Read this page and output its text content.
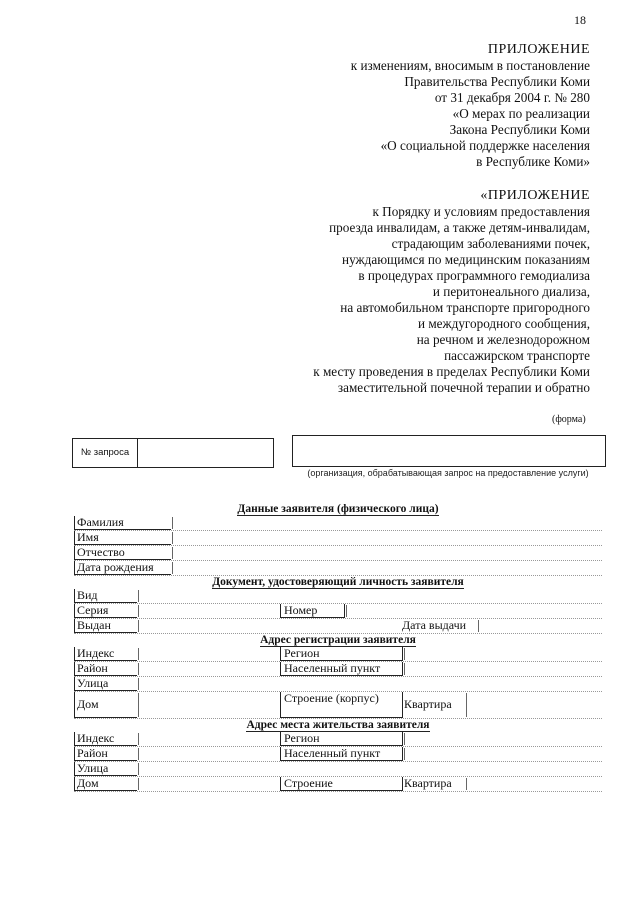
18
ПРИЛОЖЕНИЕ
к изменениям, вносимым в постановление
Правительства Республики Коми
от 31 декабря 2004 г. № 280
«О мерах по реализации
Закона Республики Коми
«О социальной поддержке населения
в Республике Коми»
«ПРИЛОЖЕНИЕ
к Порядку и условиям предоставления
проезда инвалидам, а также детям-инвалидам,
страдающим заболеваниями почек,
нуждающимся по медицинским показаниям
в процедурах программного гемодиализа
и перитонеального диализа,
на автомобильном транспорте пригородного
и междугородного сообщения,
на речном и железнодорожном
пассажирском транспорте
к месту проведения в пределах Республики Коми
заместительной почечной терапии и обратно
(форма)
№ запроса
(организация, обрабатывающая запрос на предоставление услуги)
Данные заявителя (физического лица)
Фамилия
Имя
Отчество
Дата рождения
Документ, удостоверяющий личность заявителя
Вид
Серия	Номер
Выдан	Дата выдачи
Адрес регистрации заявителя
Индекс	Регион
Район	Населенный пункт
Улица
Дом	Строение (корпус)	Квартира
Адрес места жительства заявителя
Индекс	Регион
Район	Населенный пункт
Улица
Дом	Строение	Квартира
